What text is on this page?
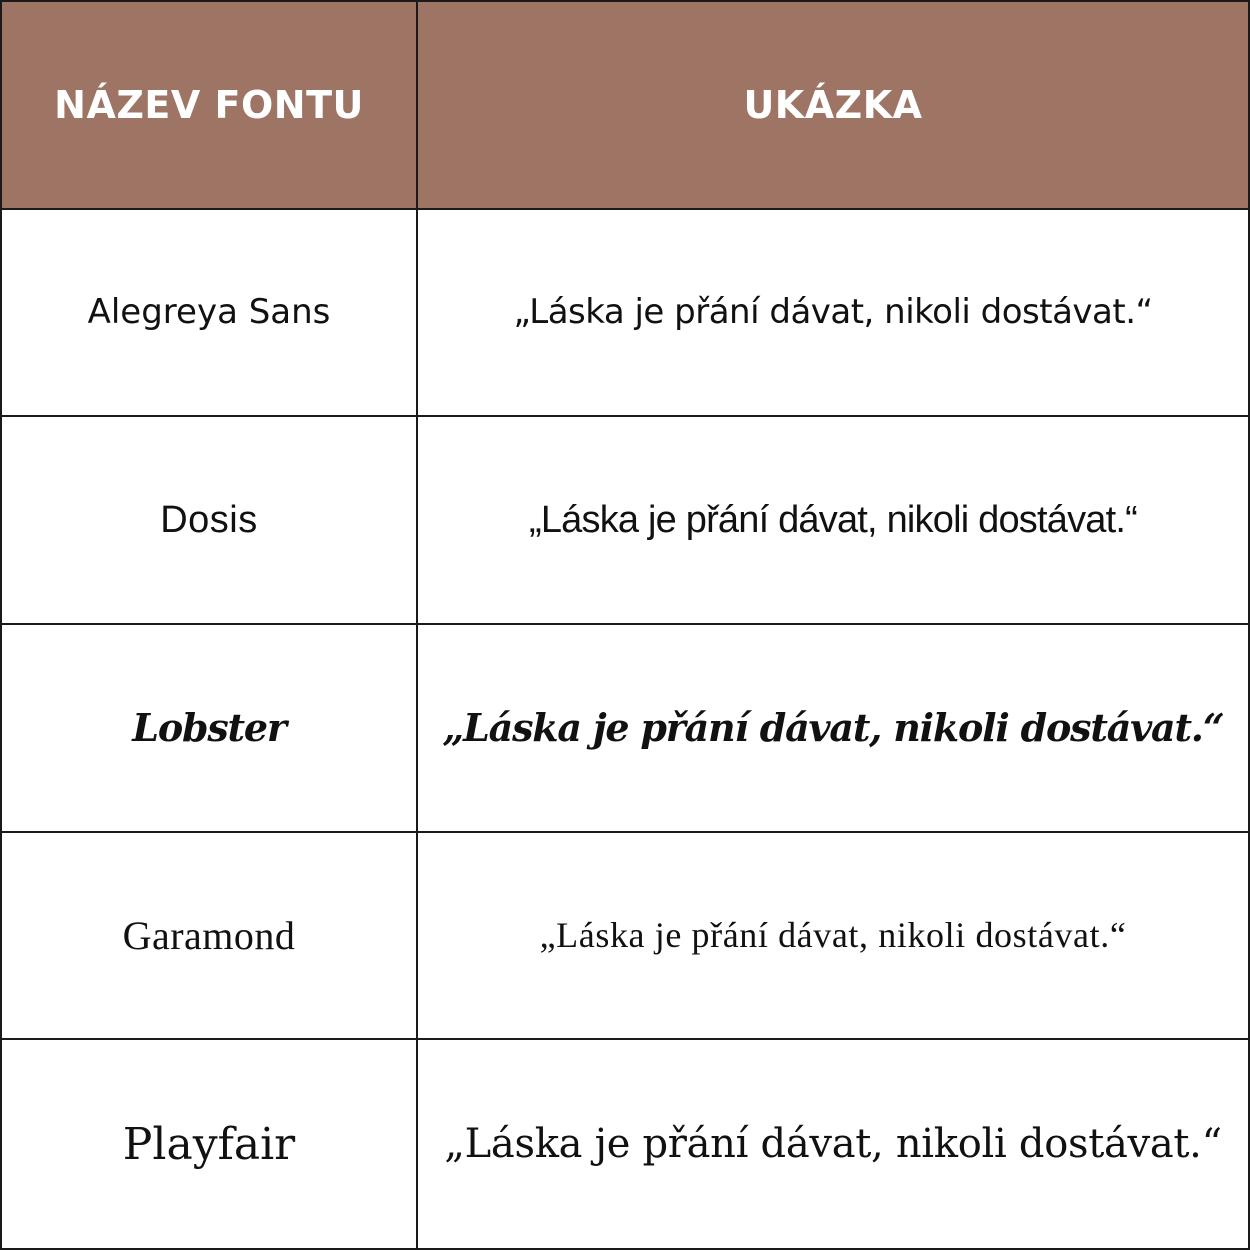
NÁZEV FONTU	UKÁZKA
Alegreya Sans	„Láska je přání dávat, nikoli dostávat.“
Dosis	„Láska je přání dávat, nikoli dostávat.“
Lobster	„Láska je přání dávat, nikoli dostávat.“
Garamond	„Láska je přání dávat, nikoli dostávat.“
Playfair	„Láska je přání dávat, nikoli dostávat.“
